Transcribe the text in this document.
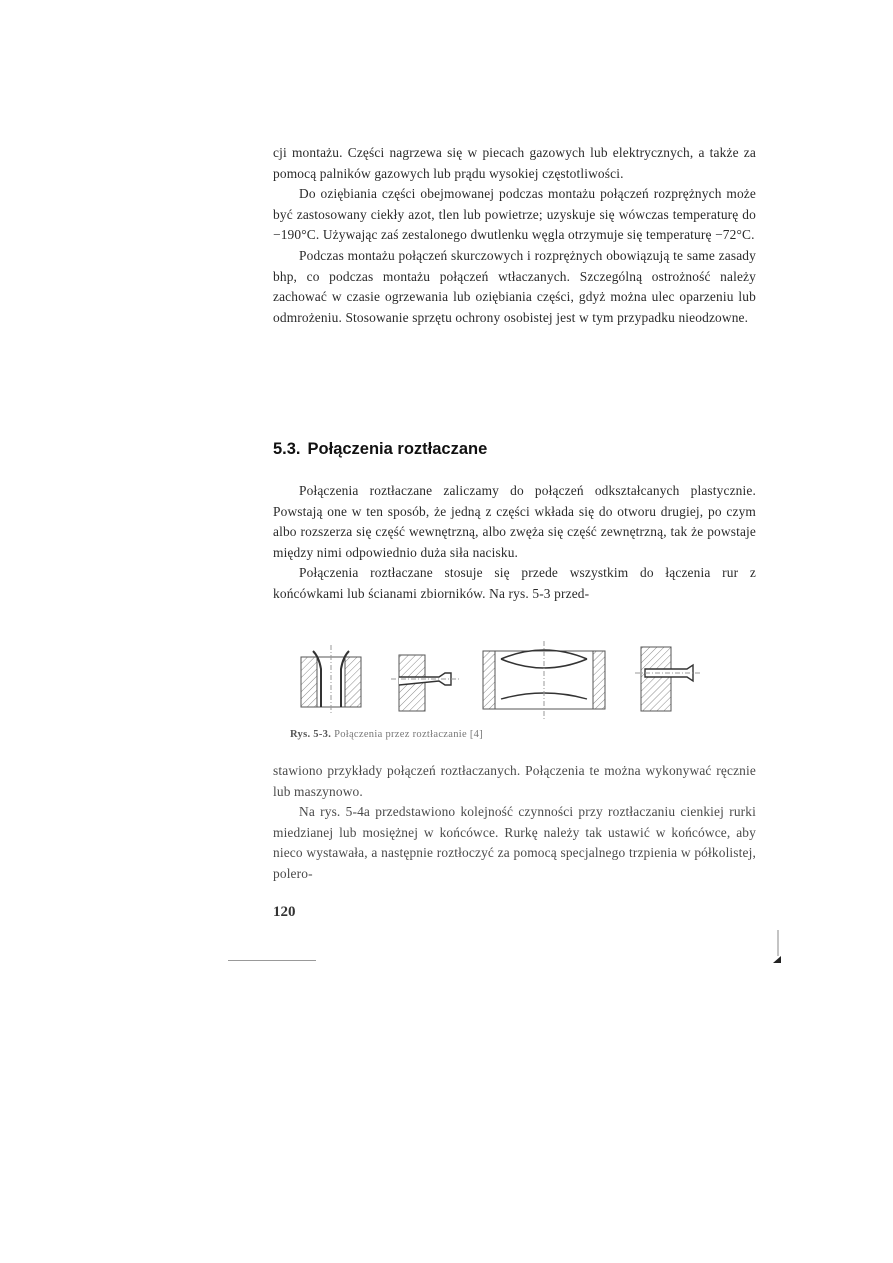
cji montażu. Części nagrzewa się w piecach gazowych lub elektrycznych, a także za pomocą palników gazowych lub prądu wysokiej częstotliwości.

Do oziębiania części obejmowanej podczas montażu połączeń rozprężnych może być zastosowany ciekły azot, tlen lub powietrze; uzyskuje się wówczas temperaturę do −190°C. Używając zaś zestalonego dwutlenku węgla otrzymuje się temperaturę −72°C.

Podczas montażu połączeń skurczowych i rozprężnych obowiązują te same zasady bhp, co podczas montażu połączeń wtłaczanych. Szczególną ostrożność należy zachować w czasie ogrzewania lub oziębiania części, gdyż można ulec oparzeniu lub odmrożeniu. Stosowanie sprzętu ochrony osobistej jest w tym przypadku nieodzowne.

5.3. Połączenia roztłaczane

Połączenia roztłaczane zaliczamy do połączeń odkształcanych plastycznie. Powstają one w ten sposób, że jedną z części wkłada się do otworu drugiej, po czym albo rozszerza się część wewnętrzną, albo zwęża się część zewnętrzną, tak że powstaje między nimi odpowiednio duża siła nacisku.

Połączenia roztłaczane stosuje się przede wszystkim do łączenia rur z końcówkami lub ścianami zbiorników. Na rys. 5-3 przed-

Rys. 5-3. Połączenia przez roztłaczanie [4]

stawiono przykłady połączeń roztłaczanych. Połączenia te można wykonywać ręcznie lub maszynowo.

Na rys. 5-4a przedstawiono kolejność czynności przy roztłaczaniu cienkiej rurki miedzianej lub mosiężnej w końcówce. Rurkę należy tak ustawić w końcówce, aby nieco wystawała, a następnie roztłoczyć za pomocą specjalnego trzpienia w półkolistej, polero-

120
